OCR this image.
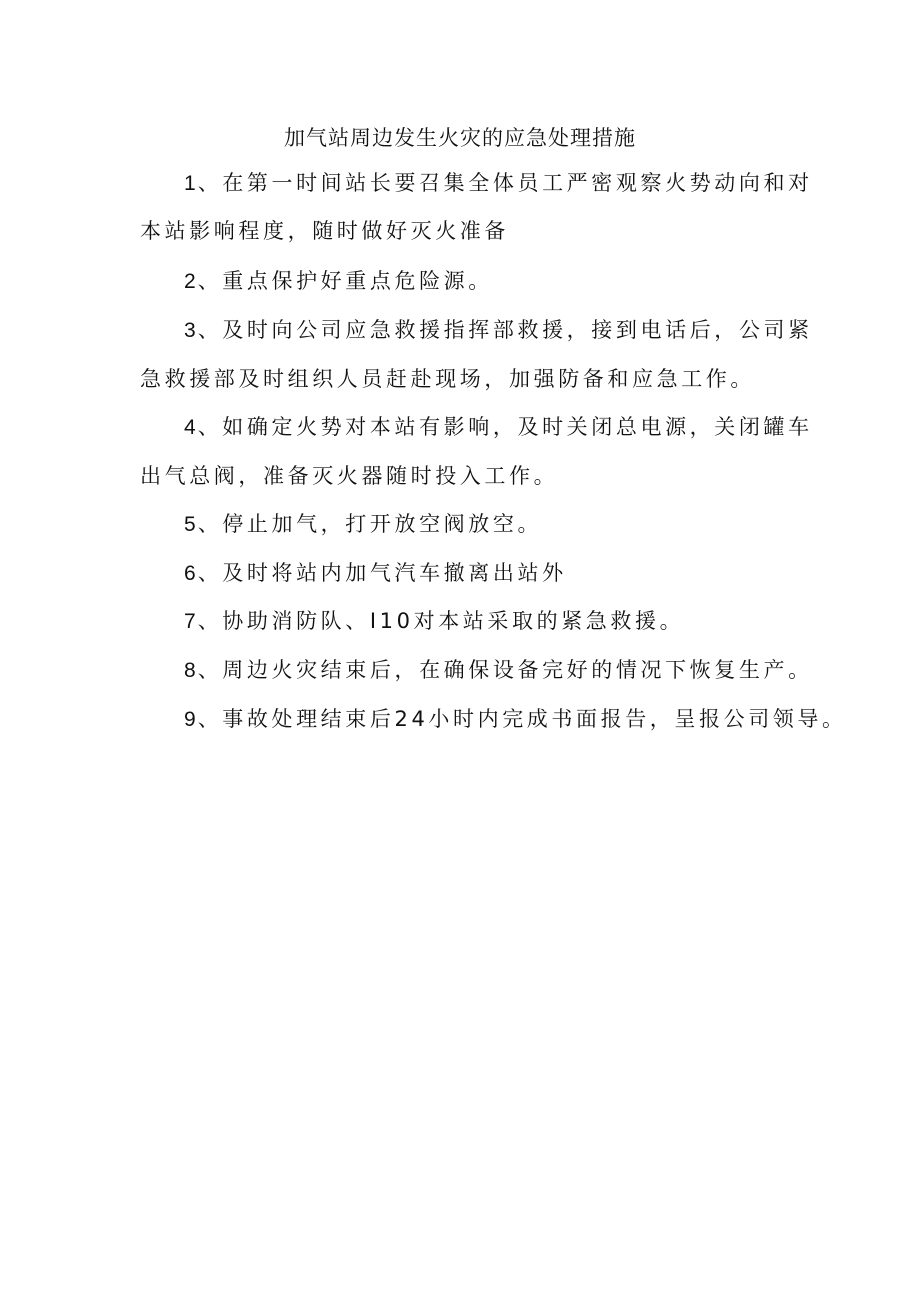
加气站周边发生火灾的应急处理措施
1、在第一时间站长要召集全体员工严密观察火势动向和对
本站影响程度，随时做好灭火准备
2、重点保护好重点危险源。
3、及时向公司应急救援指挥部救援，接到电话后，公司紧
急救援部及时组织人员赶赴现场，加强防备和应急工作。
4、如确定火势对本站有影响，及时关闭总电源，关闭罐车
出气总阀，准备灭火器随时投入工作。
5、停止加气，打开放空阀放空。
6、及时将站内加气汽车撤离出站外
7、协助消防队、I10对本站采取的紧急救援。
8、周边火灾结束后，在确保设备完好的情况下恢复生产。
9、事故处理结束后24小时内完成书面报告，呈报公司领导。
